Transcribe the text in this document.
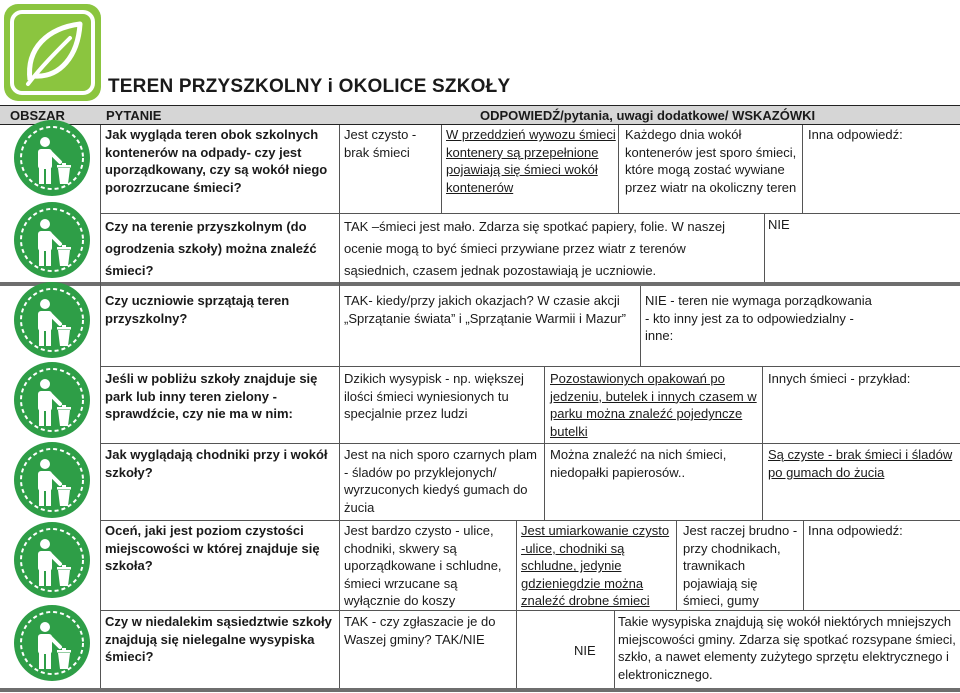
TEREN PRZYSZKOLNY i OKOLICE SZKOŁY
OBSZAR	PYTANIE	ODPOWIEDŹ/pytania, uwagi dodatkowe/ WSKAZÓWKI
Jak wygląda teren obok szkolnych kontenerów na odpady- czy jest uporządkowany, czy są wokół niego porozrzucane śmieci?
Jest czysto - brak śmieci
W przeddzień wywozu śmieci kontenery są przepełnione pojawiają się śmieci wokół kontenerów
Każdego dnia wokół kontenerów jest sporo śmieci, które mogą zostać wywiane przez wiatr na okoliczny teren
Inna odpowiedź:
Czy na terenie przyszkolnym (do ogrodzenia szkoły) można znaleźć śmieci?
TAK –śmieci jest mało. Zdarza się spotkać papiery, folie. W naszej ocenie mogą to być śmieci przywiane przez wiatr z terenów sąsiednich, czasem jednak pozostawiają je uczniowie.
NIE
Czy uczniowie sprzątają teren przyszkolny?
TAK- kiedy/przy jakich okazjach? W czasie akcji „Sprzątanie świata” i „Sprzątanie Warmii i Mazur”
NIE - teren nie wymaga porządkowania - kto inny jest za to odpowiedzialny - inne:
Jeśli w pobliżu szkoły znajduje się park lub inny teren zielony - sprawdźcie, czy nie ma w nim:
Dzikich wysypisk - np. większej ilości śmieci wyniesionych tu specjalnie przez ludzi
Pozostawionych opakowań po jedzeniu, butelek i innych czasem w parku można znaleźć pojedyncze butelki
Innych śmieci - przykład:
Jak wyglądają chodniki przy i wokół szkoły?
Jest na nich sporo czarnych plam - śladów po przyklejonych/ wyrzuconych kiedyś gumach do żucia
Można znaleźć na nich śmieci, niedopałki papierosów..
Są czyste - brak śmieci i śladów po gumach do żucia
Oceń, jaki jest poziom czystości miejscowości w której znajduje się szkoła?
Jest bardzo czysto - ulice, chodniki, skwery są uporządkowane i schludne, śmieci wrzucane są wyłącznie do koszy
Jest umiarkowanie czysto -ulice, chodniki są schludne, jedynie gdzieniegdzie można znaleźć drobne śmieci
Jest raczej brudno - przy chodnikach, trawnikach pojawiają się śmieci, gumy
Inna odpowiedź:
Czy w niedalekim sąsiedztwie szkoły znajdują się nielegalne wysypiska śmieci?
TAK - czy zgłaszacie je do Waszej gminy? TAK/NIE
NIE
Takie wysypiska znajdują się wokół niektórych mniejszych miejscowości gminy. Zdarza się spotkać rozsypane śmieci, szkło, a nawet elementy zużytego sprzętu elektrycznego i elektronicznego.
